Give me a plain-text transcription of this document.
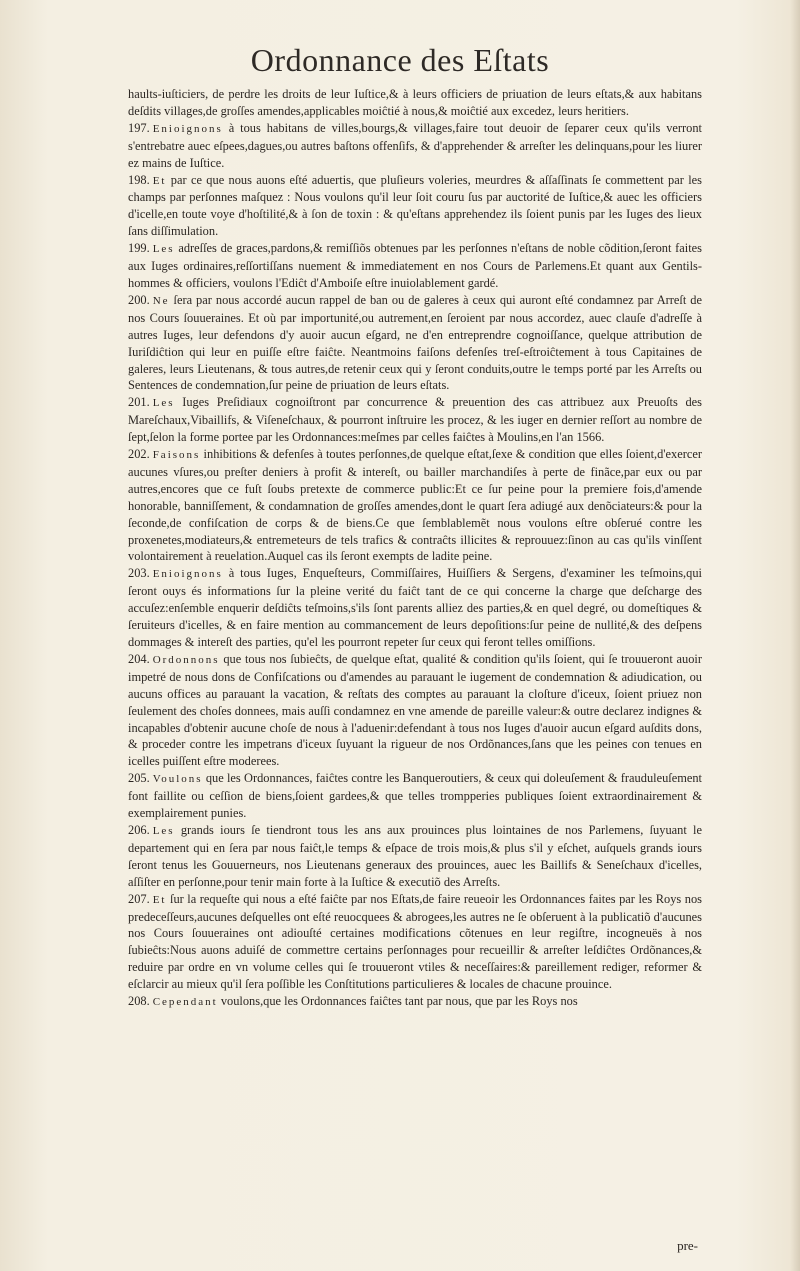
Ordonnance des Eſtats

haults-iuſticiers, de perdre les droits de leur Iuſtice,& à leurs officiers de priuation de leurs eſtats,& aux habitans deſdits villages,de groſſes amendes,applicables moiĉtié à nous,& moiĉtié aux excedez, leurs heritiers.

197. Enioignons à tous habitans de villes,bourgs,& villages,faire tout deuoir de ſeparer ceux qu'ils verront s'entrebatre auec eſpees,dagues,ou autres baſtons offenſifs, & d'apprehender & arreſter les delinquans,pour les liurer ez mains de Iuſtice.

198. Et par ce que nous auons eſté aduertis, que pluſieurs voleries, meurdres & aſſaſſinats ſe commettent par les champs par perſonnes maſquez : Nous voulons qu'il leur ſoit couru ſus par auctorité de Iuſtice,& auec les officiers d'icelle,en toute voye d'hoſtilité,& à ſon de toxin : & qu'eſtans apprehendez ils ſoient punis par les Iuges des lieux ſans diſſimulation.

199. Les adreſſes de graces,pardons,& remiſſiõs obtenues par les perſonnes n'eſtans de noble cõdition,ſeront faites aux Iuges ordinaires,reſſortiſſans nuement & immediatement en nos Cours de Parlemens.Et quant aux Gentils-hommes & officiers, voulons l'Ediĉt d'Amboiſe eſtre inuiolablement gardé.

200. Ne ſera par nous accordé aucun rappel de ban ou de galeres à ceux qui auront eſté condamnez par Arreſt de nos Cours ſouueraines. Et où par importunité,ou autrement,en ſeroient par nous accordez, auec clauſe d'adreſſe à autres Iuges, leur defendons d'y auoir aucun eſgard, ne d'en entreprendre cognoiſſance, quelque attribution de Iuriſdiĉtion qui leur en puiſſe eſtre faiĉte. Neantmoins faiſons defenſes treſ-eſtroiĉtement à tous Capitaines de galeres, leurs Lieutenans, & tous autres,de retenir ceux qui y ſeront conduits,outre le temps porté par les Arreſts ou Sentences de condemnation,ſur peine de priuation de leurs eſtats.

201. Les Iuges Preſidiaux cognoiſtront par concurrence & preuention des cas attribuez aux Preuoſts des Mareſchaux,Vibaillifs, & Viſeneſchaux, & pourront inſtruire les procez, & les iuger en dernier reſſort au nombre de ſept,ſelon la forme portee par les Ordonnances:meſmes par celles faiĉtes à Moulins,en l'an 1566.

202. Faisons inhibitions & defenſes à toutes perſonnes,de quelque eſtat,ſexe & condition que elles ſoient,d'exercer aucunes vſures,ou preſter deniers à profit & intereſt, ou bailler marchandiſes à perte de finãce,par eux ou par autres,encores que ce fuſt ſoubs pretexte de commerce public:Et ce ſur peine pour la premiere fois,d'amende honorable, banniſſement, & condamnation de groſſes amendes,dont le quart ſera adiugé aux denõciateurs:& pour la ſeconde,de confiſcation de corps & de biens.Ce que ſemblablemẽt nous voulons eſtre obſerué contre les proxenetes,modiateurs,& entremeteurs de tels trafics & contraĉts illicites & reprouuez:ſinon au cas qu'ils vinſſent volontairement à reuelation.Auquel cas ils ſeront exempts de ladite peine.

203. Enioignons à tous Iuges, Enqueſteurs, Commiſſaires, Huiſſiers & Sergens, d'examiner les teſmoins,qui ſeront ouys és informations ſur la pleine verité du faiĉt tant de ce qui concerne la charge que deſcharge des accuſez:enſemble enquerir deſdiĉts teſmoins,s'ils ſont parents alliez des parties,& en quel degré, ou domeſtiques & ſeruiteurs d'icelles, & en faire mention au commancement de leurs depoſitions:ſur peine de nullité,& des deſpens dommages & intereſt des parties, qu'el les pourront repeter ſur ceux qui feront telles omiſſions.

204. Ordonnons que tous nos ſubieĉts, de quelque eſtat, qualité & condition qu'ils ſoient, qui ſe trouueront auoir impetré de nous dons de Confiſcations ou d'amendes au parauant le iugement de condemnation & adiudication, ou aucuns offices au parauant la vacation, & reſtats des comptes au parauant la cloſture d'iceux, ſoient priuez non ſeulement des choſes donnees, mais auſſi condamnez en vne amende de pareille valeur:& outre declarez indignes & incapables d'obtenir aucune choſe de nous à l'aduenir:defendant à tous nos Iuges d'auoir aucun eſgard auſdits dons, & proceder contre les impetrans d'iceux ſuyuant la rigueur de nos Ordõnances,ſans que les peines con tenues en icelles puiſſent eſtre moderees.

205. Voulons que les Ordonnances, faiĉtes contre les Banqueroutiers, & ceux qui doleuſement & frauduleuſement font faillite ou ceſſion de biens,ſoient gardees,& que telles trompperies publiques ſoient extraordinairement & exemplairement punies.

206. Les grands iours ſe tiendront tous les ans aux prouinces plus lointaines de nos Parlemens, ſuyuant le departement qui en ſera par nous faiĉt,le temps & eſpace de trois mois,& plus s'il y eſchet, auſquels grands iours ſeront tenus les Gouuerneurs, nos Lieutenans generaux des prouinces, auec les Baillifs & Seneſchaux d'icelles, aſſiſter en perſonne,pour tenir main forte à la Iuſtice & executiõ des Arreſts.

207. Et ſur la requeſte qui nous a eſté faiĉte par nos Eſtats,de faire reueoir les Ordonnances faites par les Roys nos predeceſſeurs,aucunes deſquelles ont eſté reuocquees & abrogees,les autres ne ſe obſeruent à la publicatiõ d'aucunes nos Cours ſouueraines ont adiouſté certaines modifications cõtenues en leur regiſtre, incogneuës à nos ſubieĉts:Nous auons aduiſé de commettre certains perſonnages pour recueillir & arreſter leſdiĉtes Ordõnances,& reduire par ordre en vn volume celles qui ſe trouueront vtiles & neceſſaires:& pareillement rediger, reformer & eſclarcir au mieux qu'il ſera poſſible les Conſtitutions particulieres & locales de chacune prouince.

208. Cependant voulons,que les Ordonnances faiĉtes tant par nous, que par les Roys nos

pre-
